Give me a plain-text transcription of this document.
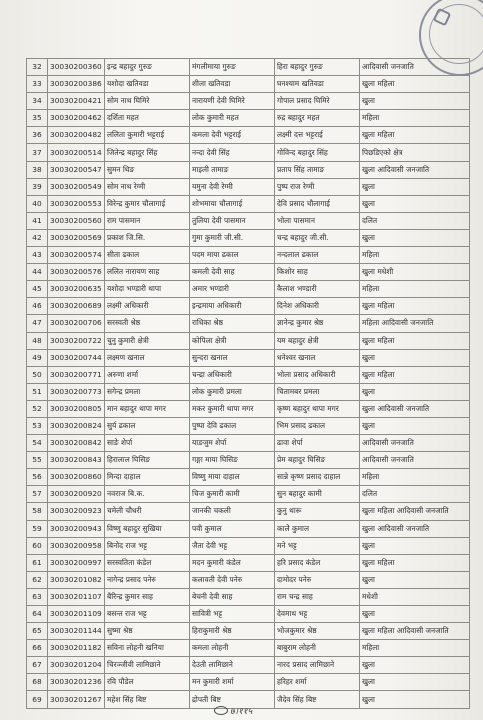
32	30030200360	इन्द्र बहादुर गुरुङ	मंगलीमाया गुरुङ	हिरा बहादुर गुरुङ	आदिवासी जनजाति
33	30030200386	यशोदा खतिवडा	शीला खतिवडा	घनश्याम खतिवडा	खुला महिला
34	30030200421	सोम नाथ घिमिरे	नारायणी देवी घिमिरे	गोपाल प्रसाद घिमिरे	खुला
35	30030200462	दर्शिता महत	लोक कुमारी महत	रुद्र बहादुर महत	महिला
36	30030200482	ललिता कुमारी भट्टराई	कमला देवी भट्टराई	लक्ष्मी दत्त भट्टराई	खुला महिला
37	30030200514	जितेन्द्र बहादुर सिंह	नन्दा देवी सिंह	गोविन्द बहादुर सिंह	पिछडिएको क्षेत्र
38	30030200547	सुमन थिङ	माइली तामाङ	प्रताप सिंह तामाङ	खुला आदिवासी जनजाति
39	30030200549	सोम नाथ रेग्मी	यमुना देवी रेग्मी	पुष्प राज रेग्मी	खुला
40	30030200553	विरेन्द्र कुमार चौलागाई	शोभमाया चौलागाई	देवि प्रसाद चौलागाई	खुला
41	30030200560	राम पासमान	तुलिया देवी पासमान	भोला पासमान	दलित
42	30030200569	प्रकाश जि.सि.	गुमा कुमारी जी.सी.	चन्द्र बहादुर जी.सी.	खुला
43	30030200574	सीता ढकाल	पदम माया ढकाल	नन्दलाल ढकाल	महिला
44	30030200576	ललित नारायण साह	कमली देवी साह	किशोर साह	खुला मधेशी
45	30030200635	यशोदा भण्डारी थापा	अमार भण्डारी	कैलाश भण्डारी	महिला
46	30030200689	लक्ष्मी अधिकारी	इन्द्रमाया अधिकारी	दिनेश अधिकारी	खुला महिला
47	30030200706	सरस्वती श्रेष्ठ	राधिका श्रेष्ठ	ज्ञानेन्द्र कुमार श्रेष्ठ	महिला आदिवासी जनजाति
48	30030200722	चुनु कुमारी क्षेत्री	कोपिला क्षेत्री	यम बहादुर क्षेत्री	खुला महिला
49	30030200744	लक्ष्मण खनाल	सुन्दरा खनाल	धनेश्वर खनाल	खुला
50	30030200771	अरुणा शर्मा	चन्द्रा अधिकारी	भोला प्रसाद अधिकारी	खुला महिला
51	30030200773	सगेन्द्र प्रमला	लोक कुमारी प्रमला	चितामबर प्रमला	खुला
52	30030200805	मान बहादुर थापा मगर	मकर कुमारी थापा मगर	कृष्ण बहादुर थापा मगर	खुला आदिवासी जनजाति
53	30030200824	सुर्य ढकाल	पुष्पा देवि ढकाल	भिम प्रसाद ढकाल	खुला
54	30030200842	साङे शेर्पा	याङजुम शेर्पा	ढावा शेर्पा	आदिवासी जनजाति
55	30030200843	हिरालाल घिसिङ	गङ्गा माया घिसिङ	प्रेम बहादुर घिसिङ	आदिवासी जनजाति
56	30030200860	मिन्दा दाहाल	विष्णु माया दाहाल	सान्ने कृष्ण प्रसाद दाहाल	महिला
57	30030200920	नवराज बि.क.	चिज कुमारी कामी	सुन बहादुर कामी	दलित
58	30030200923	चमेली चौधरी	जानकी चकली	कुनु थारू	खुला महिला आदिवासी जनजाति
59	30030200943	विष्णु बहादुर सुखिया	पवी कुमाल	कालेे कुमाल	खुला आदिवासी जनजाति
60	30030200958	बिनोद राज भट्ट	जैता देवी भट्ट	मने भट्ट	खुला
61	30030200997	सरस्वतिता कंडेल	मदन कुमारी कंडेल	हरि प्रसाद कंडेल	खुला महिला
62	30030201082	नागेन्द्र प्रसाद पनेरु	कलावती देवी पनेरु	दामोदर पनेरु	खुला
63	30030201107	बैरिन्द्र कुमार साह	बेचनी देवी साह	राम चन्द्र साह	मधेशी
64	30030201109	बसन्त राज भट्ट	सावित्री भट्ट	देवमाथ भट्ट	खुला
65	30030201144	सुष्मा श्रेष्ठ	हिराकुमारी श्रेष्ठ	भोजकुमार श्रेष्ठ	खुला महिला आदिवासी जनजाति
66	30030201182	सविना लोहनी खनिया	कमला लोहनी	बाबुराम लोहनी	महिला
67	30030201204	चिरञ्जीवी लामिछाने	देउती लामिछाने	नारद प्रसाद लामिछाने	खुला
68	30030201236	रवि पौडेल	मन कुमारी शर्मा	हरिहर शर्मा	खुला
69	30030201267	महेश सिंह बिष्ट	द्रोपती बिष्ट	जैदेव सिंह बिष्ट	खुला
७।११५
